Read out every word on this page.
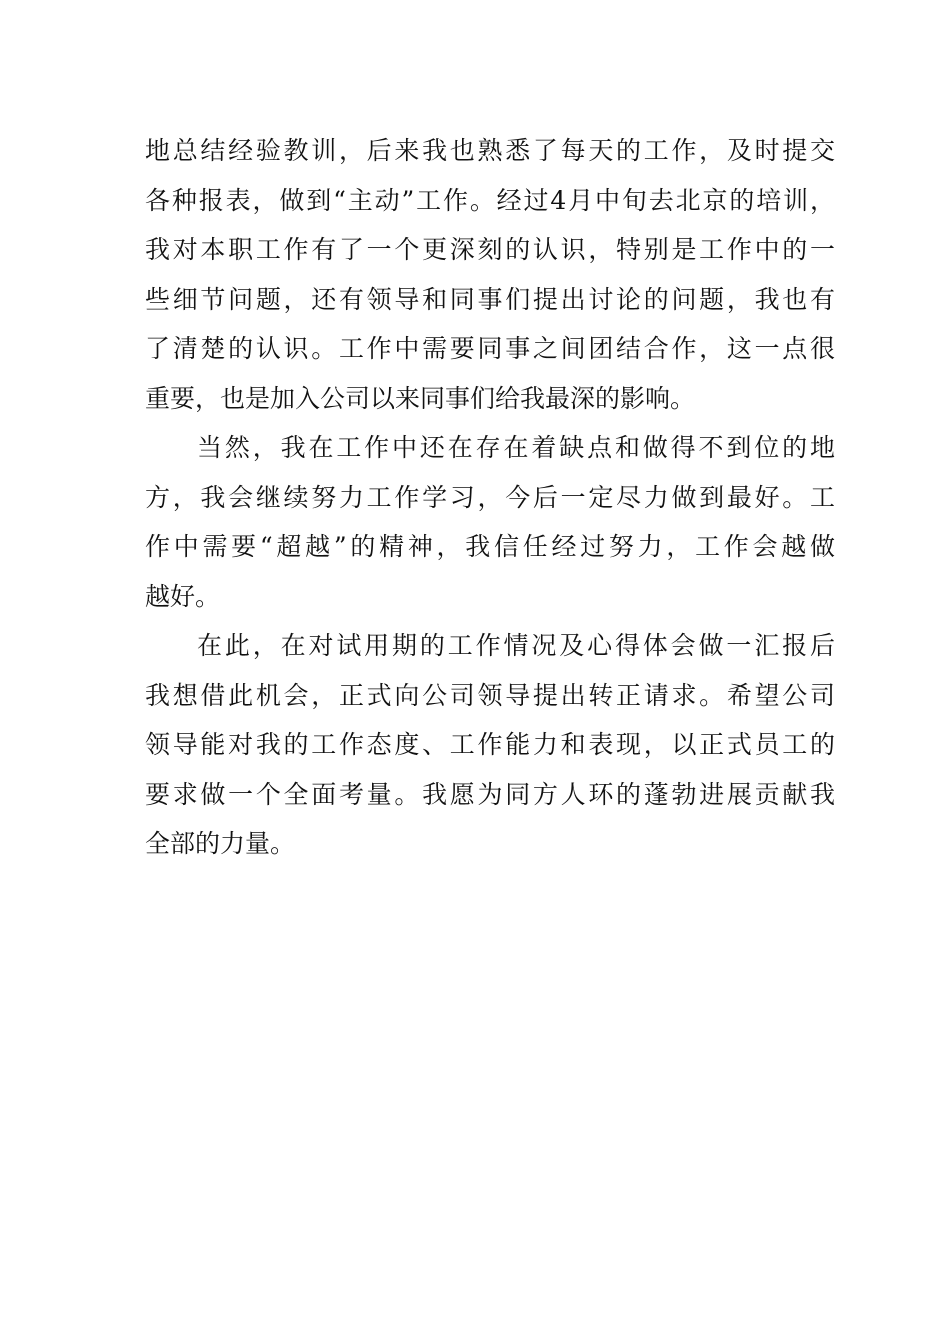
地总结经验教训，后来我也熟悉了每天的工作，及时提交
各种报表，做到“主动”工作。经过4月中旬去北京的培训，
我对本职工作有了一个更深刻的认识，特别是工作中的一
些细节问题，还有领导和同事们提出讨论的问题，我也有
了清楚的认识。工作中需要同事之间团结合作，这一点很
重要，也是加入公司以来同事们给我最深的影响。
当然，我在工作中还在存在着缺点和做得不到位的地
方，我会继续努力工作学习，今后一定尽力做到最好。工
作中需要“超越”的精神，我信任经过努力，工作会越做
越好。
在此，在对试用期的工作情况及心得体会做一汇报后
我想借此机会，正式向公司领导提出转正请求。希望公司
领导能对我的工作态度、工作能力和表现，以正式员工的
要求做一个全面考量。我愿为同方人环的蓬勃进展贡献我
全部的力量。
